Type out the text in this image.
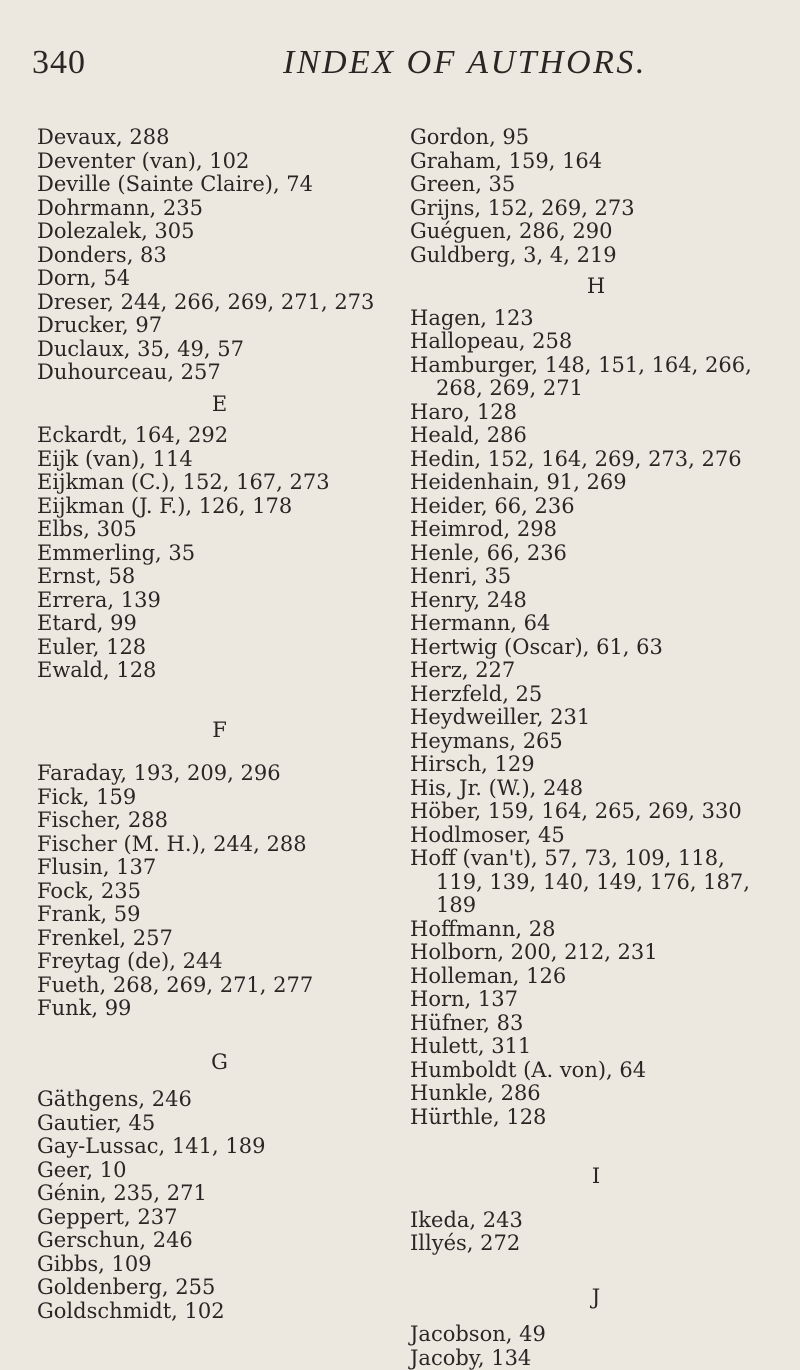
340	INDEX OF AUTHORS.
Devaux, 288
Deventer (van), 102
Deville (Sainte Claire), 74
Dohrmann, 235
Dolezalek, 305
Donders, 83
Dorn, 54
Dreser, 244, 266, 269, 271, 273
Drucker, 97
Duclaux, 35, 49, 57
Duhourceau, 257
E
Eckardt, 164, 292
Eijk (van), 114
Eijkman (C.), 152, 167, 273
Eijkman (J. F.), 126, 178
Elbs, 305
Emmerling, 35
Ernst, 58
Errera, 139
Etard, 99
Euler, 128
Ewald, 128
F
Faraday, 193, 209, 296
Fick, 159
Fischer, 288
Fischer (M. H.), 244, 288
Flusin, 137
Fock, 235
Frank, 59
Frenkel, 257
Freytag (de), 244
Fueth, 268, 269, 271, 277
Funk, 99
G
Gäthgens, 246
Gautier, 45
Gay-Lussac, 141, 189
Geer, 10
Génin, 235, 271
Geppert, 237
Gerschun, 246
Gibbs, 109
Goldenberg, 255
Goldschmidt, 102
Gordon, 95
Graham, 159, 164
Green, 35
Grijns, 152, 269, 273
Guéguen, 286, 290
Guldberg, 3, 4, 219
H
Hagen, 123
Hallopeau, 258
Hamburger, 148, 151, 164, 266,
268, 269, 271
Haro, 128
Heald, 286
Hedin, 152, 164, 269, 273, 276
Heidenhain, 91, 269
Heider, 66, 236
Heimrod, 298
Henle, 66, 236
Henri, 35
Henry, 248
Hermann, 64
Hertwig (Oscar), 61, 63
Herz, 227
Herzfeld, 25
Heydweiller, 231
Heymans, 265
Hirsch, 129
His, Jr. (W.), 248
Höber, 159, 164, 265, 269, 330
Hodlmoser, 45
Hoff (van't), 57, 73, 109, 118,
119, 139, 140, 149, 176, 187,
189
Hoffmann, 28
Holborn, 200, 212, 231
Holleman, 126
Horn, 137
Hüfner, 83
Hulett, 311
Humboldt (A. von), 64
Hunkle, 286
Hürthle, 128
I
Ikeda, 243
Illyés, 272
J
Jacobson, 49
Jacoby, 134
